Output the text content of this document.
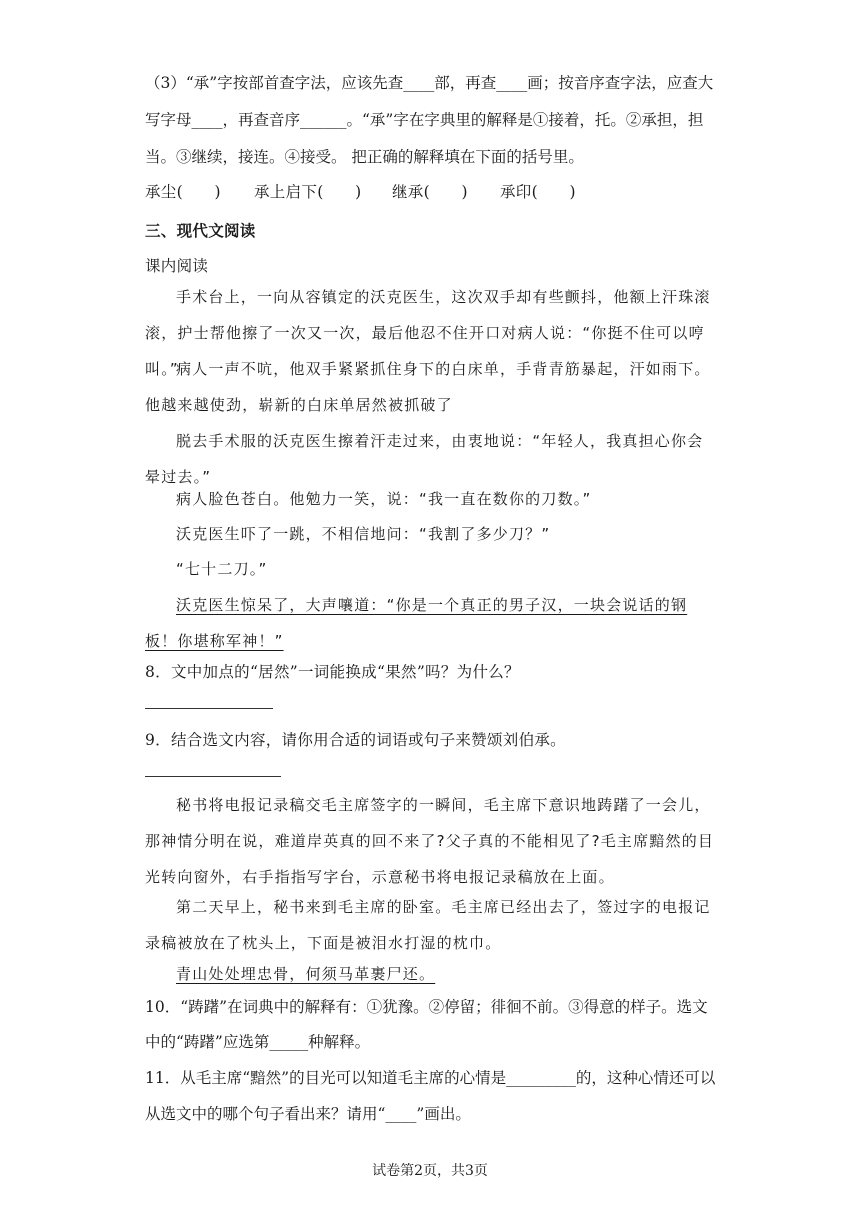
（3）“承”字按部首查字法，应该先查____部，再查____画；按音序查字法，应查大写字母____，再查音序______。“承”字在字典里的解释是①接着，托。②承担，担当。③继续，接连。④接受。 把正确的解释填在下面的括号里。
承尘(　　) 承上启下(　　) 继承(　　) 承印(　　)
三、现代文阅读
课内阅读
手术台上，一向从容镇定的沃克医生，这次双手却有些颤抖，他额上汗珠滚滚，护士帮他擦了一次又一次，最后他忍不住开口对病人说：“你挺不住可以哼叫。”
病人一声不吭，他双手紧紧抓住身下的白床单，手背青筋暴起，汗如雨下。他越来越使劲，崭新的白床单居然被抓破了
脱去手术服的沃克医生擦着汗走过来，由衷地说：“年轻人，我真担心你会晕过去。”
病人脸色苍白。他勉力一笑，说：“我一直在数你的刀数。”
沃克医生吓了一跳，不相信地问：“我割了多少刀？”
“七十二刀。”
沃克医生惊呆了，大声嚷道：“你是一个真正的男子汉，一块会说话的钢板！你堪称军神！”
8．文中加点的“居然”一词能换成“果然”吗？为什么？
9．结合选文内容，请你用合适的词语或句子来赞颂刘伯承。
秘书将电报记录稿交毛主席签字的一瞬间，毛主席下意识地踌躇了一会儿，那神情分明在说，难道岸英真的回不来了?父子真的不能相见了?毛主席黯然的目光转向窗外，右手指指写字台，示意秘书将电报记录稿放在上面。
第二天早上，秘书来到毛主席的卧室。毛主席已经出去了，签过字的电报记录稿被放在了枕头上，下面是被泪水打湿的枕巾。
青山处处埋忠骨，何须马革裹尸还。
10．“踌躇”在词典中的解释有：①犹豫。②停留；徘徊不前。③得意的样子。选文中的“踌躇”应选第_____种解释。
11．从毛主席“黯然”的目光可以知道毛主席的心情是_________的，这种心情还可以从选文中的哪个句子看出来？请用“____”画出。
试卷第2页，共3页
